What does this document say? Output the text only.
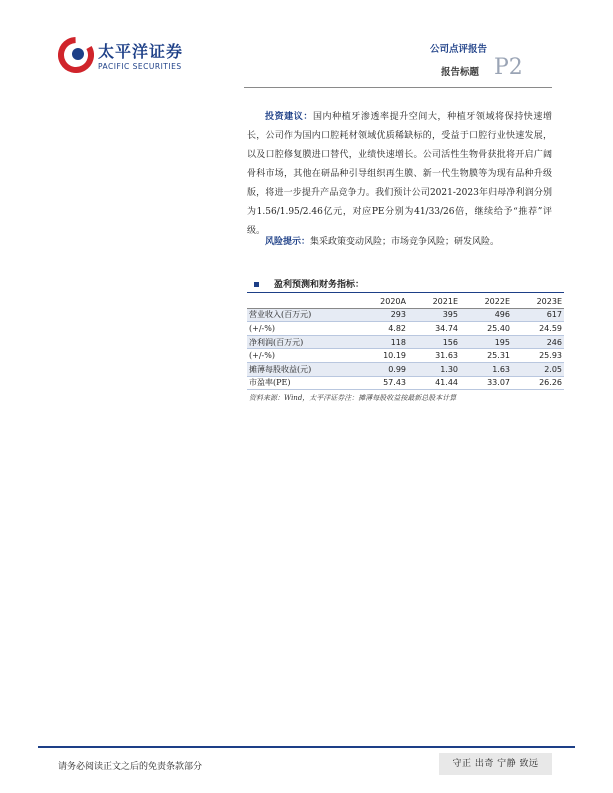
太平洋证券
PACIFIC SECURITIES
公司点评报告
报告标题 P2

投资建议：国内种植牙渗透率提升空间大，种植牙领域将保持快速增长，公司作为国内口腔耗材领域优质稀缺标的，受益于口腔行业快速发展，以及口腔修复膜进口替代，业绩快速增长。公司活性生物骨获批将开启广阔骨科市场，其他在研品种引导组织再生膜、新一代生物膜等为现有品种升级版，将进一步提升产品竞争力。我们预计公司2021-2023年归母净利润分别为1.56/1.95/2.46亿元，对应PE分别为41/33/26倍，继续给予“推荐”评级。

风险提示：集采政策变动风险；市场竞争风险；研发风险。

盈利预测和财务指标：
	2020A	2021E	2022E	2023E
营业收入(百万元)	293	395	496	617
(+/-%)	4.82	34.74	25.40	24.59
净利润(百万元)	118	156	195	246
(+/-%)	10.19	31.63	25.31	25.93
摊薄每股收益(元)	0.99	1.30	1.63	2.05
市盈率(PE)	57.43	41.44	33.07	26.26
资料来源：Wind，太平洋证券注：摊薄每股收益按最新总股本计算
请务必阅读正文之后的免责条款部分	守正 出奇 宁静 致远
